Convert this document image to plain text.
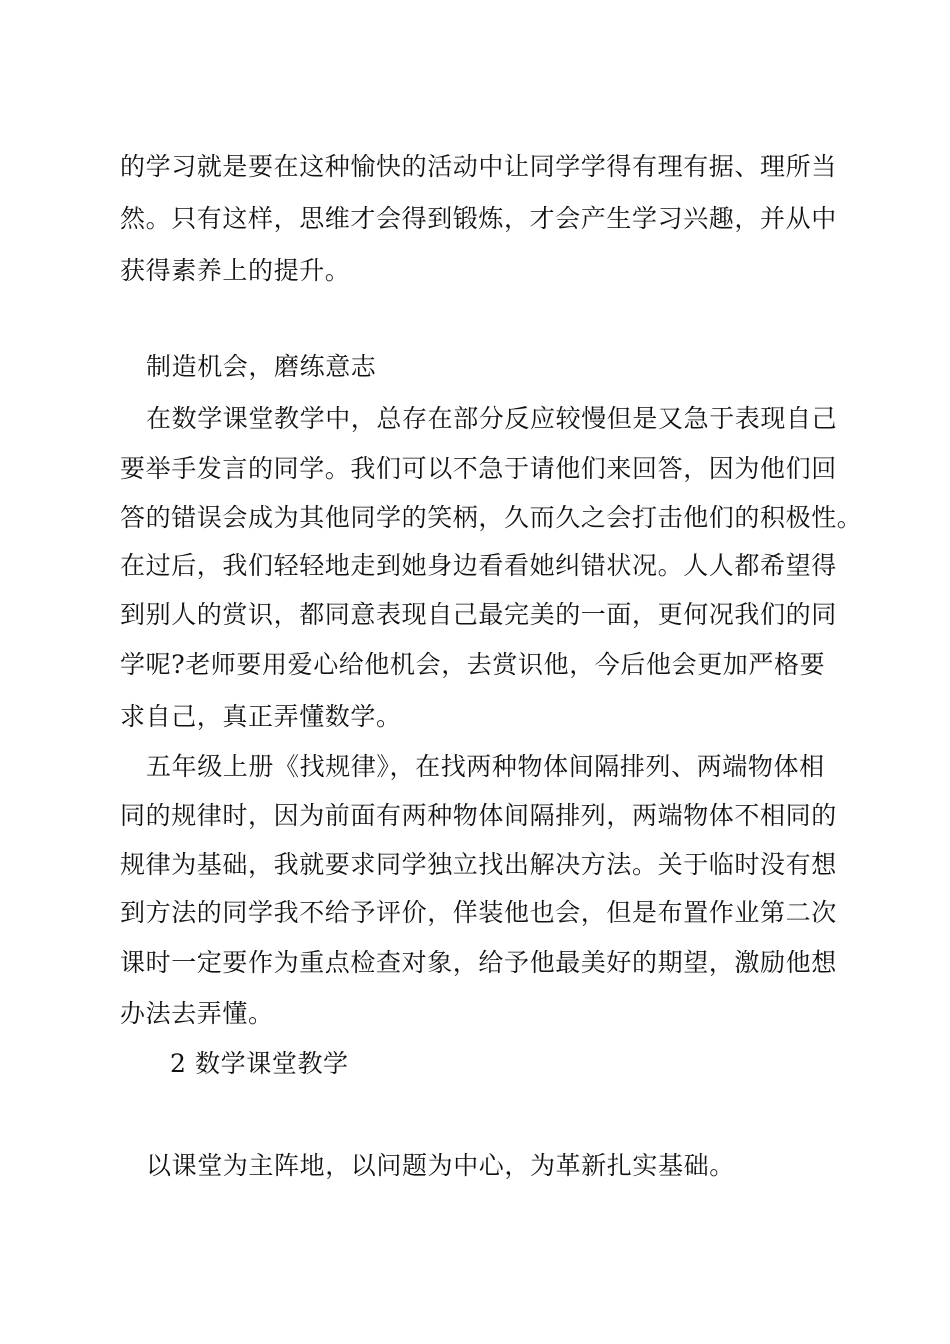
的学习就是要在这种愉快的活动中让同学学得有理有据、理所当
然。只有这样，思维才会得到锻炼，才会产生学习兴趣，并从中
获得素养上的提升。
制造机会，磨练意志
在数学课堂教学中，总存在部分反应较慢但是又急于表现自己
要举手发言的同学。我们可以不急于请他们来回答，因为他们回
答的错误会成为其他同学的笑柄，久而久之会打击他们的积极性。
在过后，我们轻轻地走到她身边看看她纠错状况。人人都希望得
到别人的赏识，都同意表现自己最完美的一面，更何况我们的同
学呢?老师要用爱心给他机会，去赏识他，今后他会更加严格要
求自己，真正弄懂数学。
五年级上册《找规律》，在找两种物体间隔排列、两端物体相
同的规律时，因为前面有两种物体间隔排列，两端物体不相同的
规律为基础，我就要求同学独立找出解决方法。关于临时没有想
到方法的同学我不给予评价，佯装他也会，但是布置作业第二次
课时一定要作为重点检查对象，给予他最美好的期望，激励他想
办法去弄懂。
2 数学课堂教学
以课堂为主阵地，以问题为中心，为革新扎实基础。
